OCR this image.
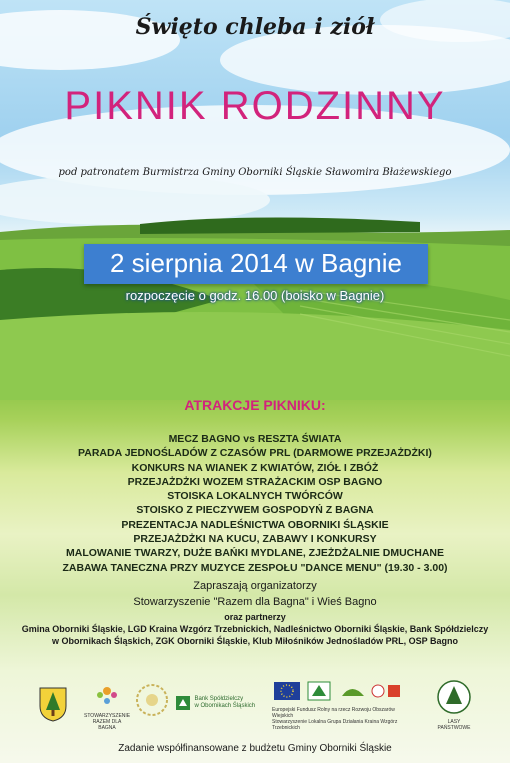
Święto chleba i ziół
PIKNIK RODZINNY
pod patronatem Burmistrza Gminy Oborniki Śląskie Sławomira Błażewskiego
2 sierpnia 2014 w Bagnie
rozpoczęcie o godz. 16.00 (boisko w Bagnie)
ATRAKCJE PIKNIKU:
MECZ BAGNO vs RESZTA ŚWIATA
PARADA JEDNOŚLADÓW Z CZASÓW PRL (DARMOWE PRZEJAŻDŻKI)
KONKURS NA WIANEK Z KWIATÓW, ZIÓŁ I ZBÓŻ
PRZEJAŻDŻKI WOZEM STRAŻACKIM OSP BAGNO
STOISKA LOKALNYCH TWÓRCÓW
STOISKO Z PIECZYWEM GOSPODYŃ Z BAGNA
PREZENTACJA NADLEŚNICTWA OBORNIKI ŚLĄSKIE
PRZEJAŻDŻKI NA KUCU, ZABAWY I KONKURSY
MALOWANIE TWARZY, DUŻE BAŃKI MYDLANE, ZJEŻDŻALNIE DMUCHANE
ZABAWA TANECZNA PRZY MUZYCE ZESPOŁU "DANCE MENU" (19.30 - 3.00)
Zapraszają organizatorzy
Stowarzyszenie "Razem dla Bagna" i Wieś Bagno
oraz partnerzy
Gmina Oborniki Śląskie, LGD Kraina Wzgórz Trzebnickich, Nadleśnictwo Oborniki Śląskie, Bank Spółdzielczy
w Obornikach Śląskich, ZGK Oborniki Śląskie, Klub Miłośników Jednośladów PRL, OSP Bagno
STOWARZYSZENIE RAZEM DLA BAGNA
Bank Spółdzielczy
w Obornikach Śląskich
Europejski Fundusz Rolny na rzecz Rozwoju Obszarów Wiejskich
Stowarzyszenie Lokalna Grupa Działania Kraina Wzgórz Trzebnickich
LASY PAŃSTWOWE
Zadanie współfinansowane z budżetu Gminy Oborniki Śląskie
